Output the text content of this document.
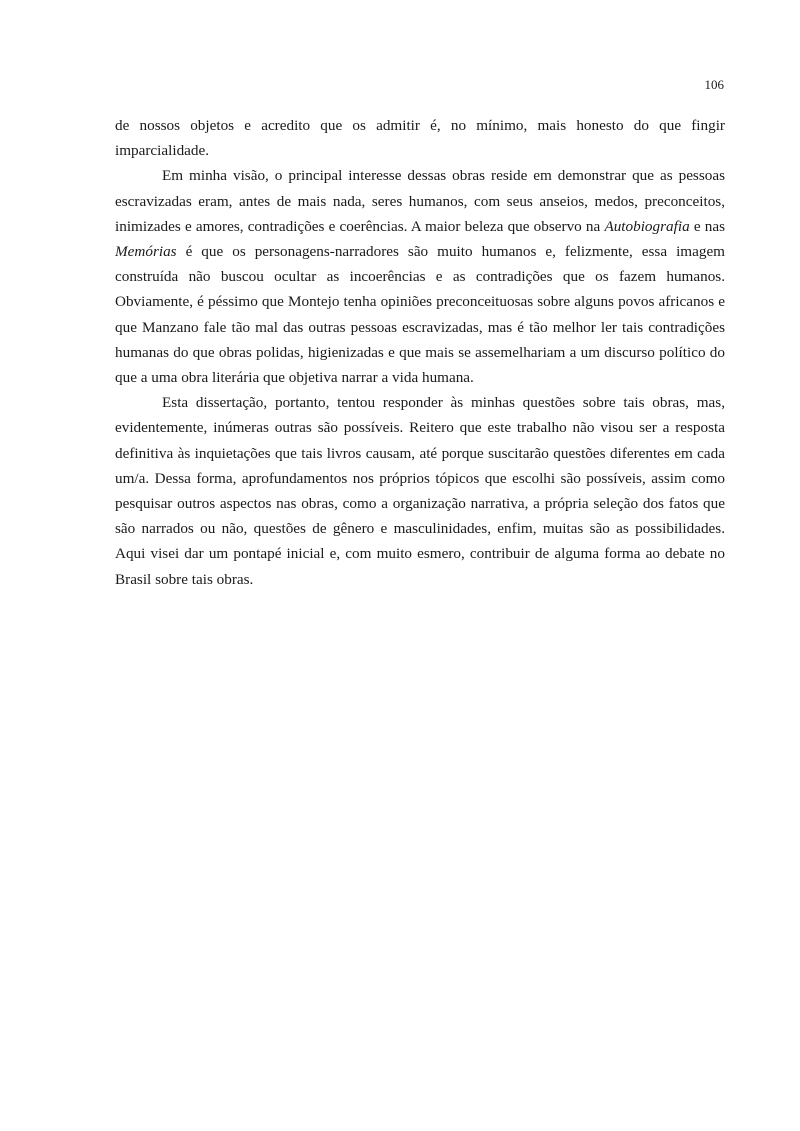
106

de nossos objetos e acredito que os admitir é, no mínimo, mais honesto do que fingir imparcialidade.

Em minha visão, o principal interesse dessas obras reside em demonstrar que as pessoas escravizadas eram, antes de mais nada, seres humanos, com seus anseios, medos, preconceitos, inimizades e amores, contradições e coerências. A maior beleza que observo na Autobiografia e nas Memórias é que os personagens-narradores são muito humanos e, felizmente, essa imagem construída não buscou ocultar as incoerências e as contradições que os fazem humanos. Obviamente, é péssimo que Montejo tenha opiniões preconceituosas sobre alguns povos africanos e que Manzano fale tão mal das outras pessoas escravizadas, mas é tão melhor ler tais contradições humanas do que obras polidas, higienizadas e que mais se assemelhariam a um discurso político do que a uma obra literária que objetiva narrar a vida humana.

Esta dissertação, portanto, tentou responder às minhas questões sobre tais obras, mas, evidentemente, inúmeras outras são possíveis. Reitero que este trabalho não visou ser a resposta definitiva às inquietações que tais livros causam, até porque suscitarão questões diferentes em cada um/a. Dessa forma, aprofundamentos nos próprios tópicos que escolhi são possíveis, assim como pesquisar outros aspectos nas obras, como a organização narrativa, a própria seleção dos fatos que são narrados ou não, questões de gênero e masculinidades, enfim, muitas são as possibilidades. Aqui visei dar um pontapé inicial e, com muito esmero, contribuir de alguma forma ao debate no Brasil sobre tais obras.
